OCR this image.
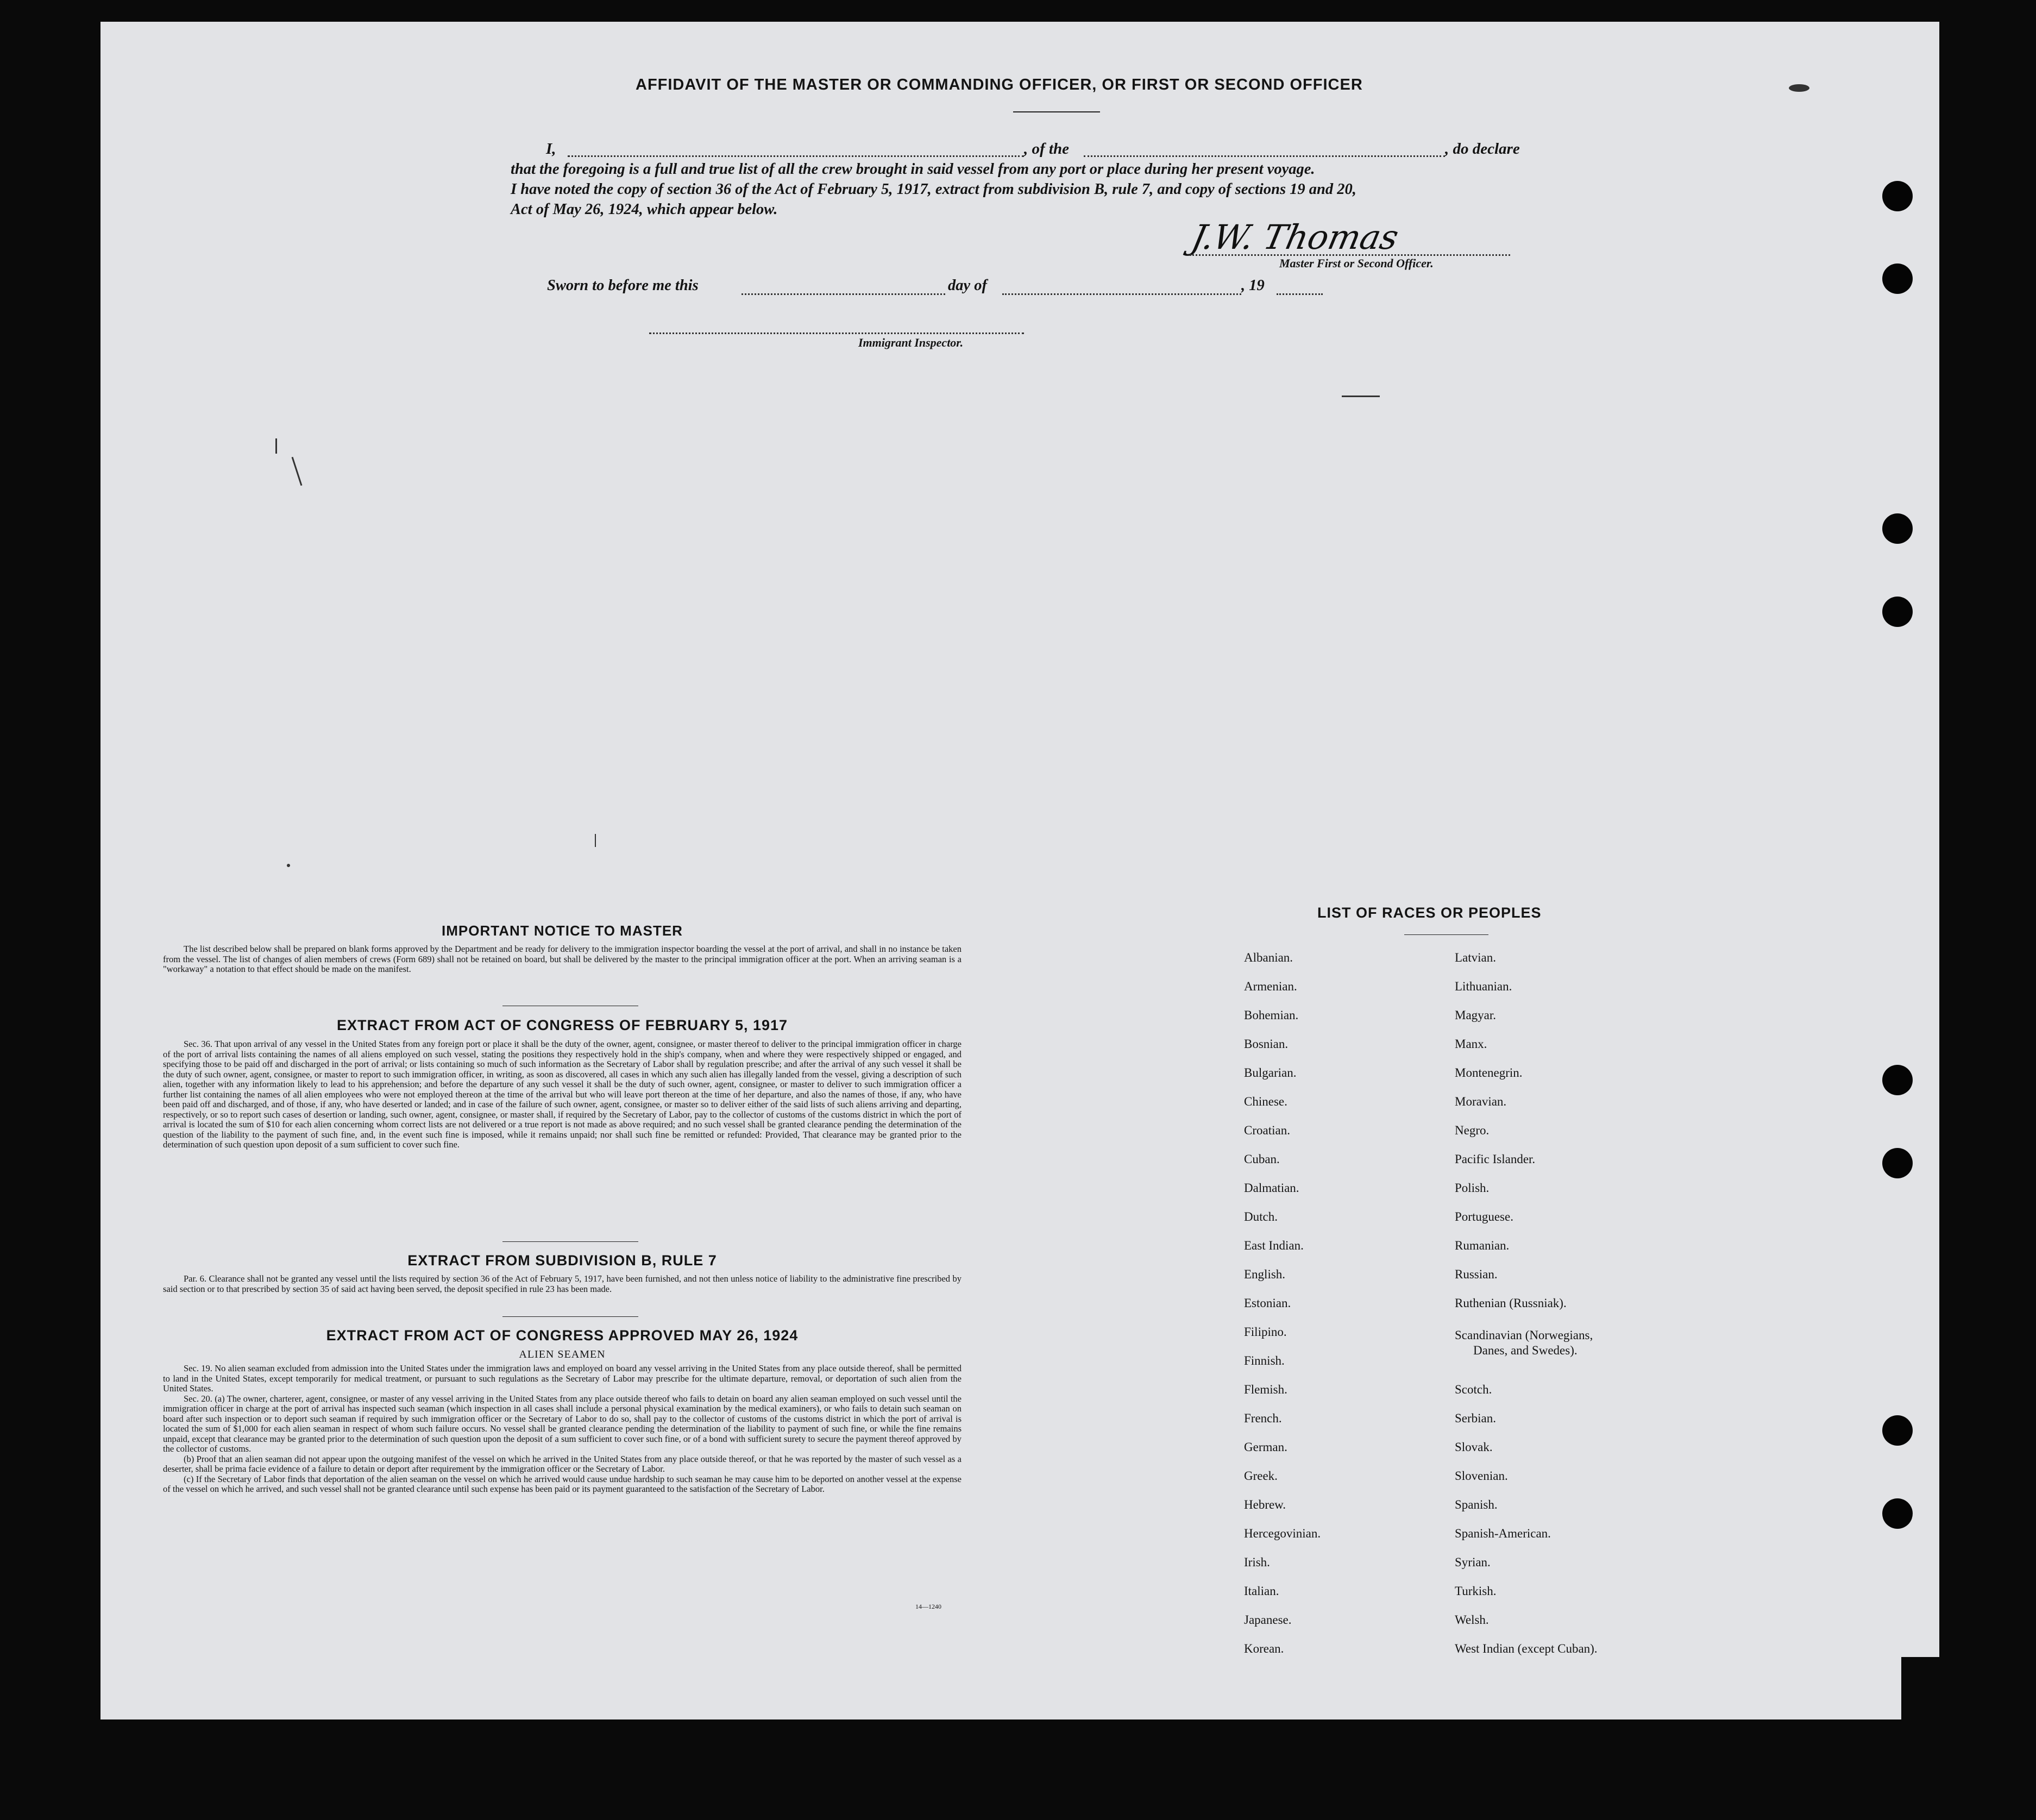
AFFIDAVIT OF THE MASTER OR COMMANDING OFFICER, OR FIRST OR SECOND OFFICER
I,	, of the	, do declare
that the foregoing is a full and true list of all the crew brought in said vessel from any port or place during her present voyage.
I have noted the copy of section 36 of the Act of February 5, 1917, extract from subdivision B, rule 7, and copy of sections 19 and 20,
Act of May 26, 1924, which appear below.
J.W. Thomas
Master First or Second Officer.
Sworn to before me this	day of	, 19
Immigrant Inspector.
IMPORTANT NOTICE TO MASTER

The list described below shall be prepared on blank forms approved by the Department and be ready for delivery to the immigration inspector boarding the vessel at the port of arrival, and shall in no instance be taken from the vessel. The list of changes of alien members of crews (Form 689) shall not be retained on board, but shall be delivered by the master to the principal immigration officer at the port. When an arriving seaman is a "workaway" a notation to that effect should be made on the manifest.

EXTRACT FROM ACT OF CONGRESS OF FEBRUARY 5, 1917

Sec. 36. That upon arrival of any vessel in the United States from any foreign port or place it shall be the duty of the owner, agent, consignee, or master thereof to deliver to the principal immigration officer in charge of the port of arrival lists containing the names of all aliens employed on such vessel, stating the positions they respectively hold in the ship's company, when and where they were respectively shipped or engaged, and specifying those to be paid off and discharged in the port of arrival; or lists containing so much of such information as the Secretary of Labor shall by regulation prescribe; and after the arrival of any such vessel it shall be the duty of such owner, agent, consignee, or master to report to such immigration officer, in writing, as soon as discovered, all cases in which any such alien has illegally landed from the vessel, giving a description of such alien, together with any information likely to lead to his apprehension; and before the departure of any such vessel it shall be the duty of such owner, agent, consignee, or master to deliver to such immigration officer a further list containing the names of all alien employees who were not employed thereon at the time of the arrival but who will leave port thereon at the time of her departure, and also the names of those, if any, who have been paid off and discharged, and of those, if any, who have deserted or landed; and in case of the failure of such owner, agent, consignee, or master so to deliver either of the said lists of such aliens arriving and departing, respectively, or so to report such cases of desertion or landing, such owner, agent, consignee, or master shall, if required by the Secretary of Labor, pay to the collector of customs of the customs district in which the port of arrival is located the sum of $10 for each alien concerning whom correct lists are not delivered or a true report is not made as above required; and no such vessel shall be granted clearance pending the determination of the question of the liability to the payment of such fine, and, in the event such fine is imposed, while it remains unpaid; nor shall such fine be remitted or refunded: Provided, That clearance may be granted prior to the determination of such question upon deposit of a sum sufficient to cover such fine.

EXTRACT FROM SUBDIVISION B, RULE 7

Par. 6. Clearance shall not be granted any vessel until the lists required by section 36 of the Act of February 5, 1917, have been furnished, and not then unless notice of liability to the administrative fine prescribed by said section or to that prescribed by section 35 of said act having been served, the deposit specified in rule 23 has been made.

EXTRACT FROM ACT OF CONGRESS APPROVED MAY 26, 1924
ALIEN SEAMEN

Sec. 19. No alien seaman excluded from admission into the United States under the immigration laws and employed on board any vessel arriving in the United States from any place outside thereof, shall be permitted to land in the United States, except temporarily for medical treatment, or pursuant to such regulations as the Secretary of Labor may prescribe for the ultimate departure, removal, or deportation of such alien from the United States.

Sec. 20. (a) The owner, charterer, agent, consignee, or master of any vessel arriving in the United States from any place outside thereof who fails to detain on board any alien seaman employed on such vessel until the immigration officer in charge at the port of arrival has inspected such seaman (which inspection in all cases shall include a personal physical examination by the medical examiners), or who fails to detain such seaman on board after such inspection or to deport such seaman if required by such immigration officer or the Secretary of Labor to do so, shall pay to the collector of customs of the customs district in which the port of arrival is located the sum of $1,000 for each alien seaman in respect of whom such failure occurs. No vessel shall be granted clearance pending the determination of the liability to payment of such fine, or while the fine remains unpaid, except that clearance may be granted prior to the determination of such question upon the deposit of a sum sufficient to cover such fine, or of a bond with sufficient surety to secure the payment thereof approved by the collector of customs.

(b) Proof that an alien seaman did not appear upon the outgoing manifest of the vessel on which he arrived in the United States from any place outside thereof, or that he was reported by the master of such vessel as a deserter, shall be prima facie evidence of a failure to detain or deport after requirement by the immigration officer or the Secretary of Labor.

(c) If the Secretary of Labor finds that deportation of the alien seaman on the vessel on which he arrived would cause undue hardship to such seaman he may cause him to be deported on another vessel at the expense of the vessel on which he arrived, and such vessel shall not be granted clearance until such expense has been paid or its payment guaranteed to the satisfaction of the Secretary of Labor.

14—1240
LIST OF RACES OR PEOPLES
Albanian.
Armenian.
Bohemian.
Bosnian.
Bulgarian.
Chinese.
Croatian.
Cuban.
Dalmatian.
Dutch.
East Indian.
English.
Estonian.
Filipino.
Finnish.
Flemish.
French.
German.
Greek.
Hebrew.
Hercegovinian.
Irish.
Italian.
Japanese.
Korean.
Latvian.
Lithuanian.
Magyar.
Manx.
Montenegrin.
Moravian.
Negro.
Pacific Islander.
Polish.
Portuguese.
Rumanian.
Russian.
Ruthenian (Russniak).
Scandinavian (Norwegians,
Danes, and Swedes).
Scotch.
Serbian.
Slovak.
Slovenian.
Spanish.
Spanish-American.
Syrian.
Turkish.
Welsh.
West Indian (except Cuban).
